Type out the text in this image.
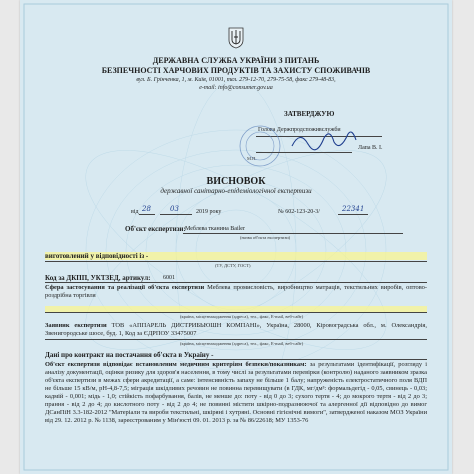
ДЕРЖАВНА СЛУЖБА УКРАЇНИ З ПИТАНЬ
БЕЗПЕЧНОСТІ ХАРЧОВИХ ПРОДУКТІВ ТА ЗАХИСТУ СПОЖИВАЧІВ
вул. Б. Грінченка, 1, м. Київ, 01001, тел. 279-12-70, 279-75-58, факс 279-48-83,
e-mail: info@consumer.gov.ua
ЗАТВЕРДЖУЮ
Голова Держпродспоживслужби
М.П.
Лапа В. І.
ВИСНОВОК
державної санітарно-епідеміологічної експертизи
від 28	03	2019 року	№ 602-123-20-3/	22341
Об'єкт експертизи: Меблева тканина Bailer
(назва об'єкта експертизи)
виготовлений у відповідності із -
(ТУ, ДСТУ, ГОСТ)
Код за ДКПП, УКТЗЕД, артикул: 6001
Сфера застосування та реалізації об'єкта експертизи Меблева промисловість, виробництво матраців, текстильних виробів, оптово-роздрібна торгівля
(країна, місцезнаходження (адреса), тел., факс, E-mail, веб-сайт)
Заявник експертизи ТОВ «АППАРЕЛЬ ДИСТРИБЬЮШН КОМПАНІ», Україна, 28000, Кіровоградська обл., м. Олександрія, Звенигородське шосе, буд. 1, Код за ЄДРПОУ 33475007
(країна, місцезнаходження (адреса), тел., факс, E-mail, веб-сайт)
Дані про контракт на постачання об'єкта в Україну -
Об'єкт експертизи відповідає встановленим медичним критеріям безпеки/показникам: за результатами ідентифікації, розгляду і аналізу документації, оцінки ризику для здоров'я населення, в тому числі за результатами перевірки (контролю) наданого заявником зразка об'єкта експертизи в межах сфери акредитації, а саме: інтенсивність запаху не більше 1 балу; напруженість електростатичного поля ВДП не більше 15 кВ/м, рН-4,8-7,5; міграція шкідливих речовин не повинна перевищувати (в ГДК, мг/дм³: формальдегід - 0,05, свинець - 0,03; кадмій - 0,001; мідь - 1,0; стійкість пофарбування, балів, не менше до: поту - від 0 до 3; сухого тертя - 4; до мокрого тертя - від 2 до 3; прання - від 2 до 4; до кислотного поту - від 2 до 4; не повинні містити шкірно-подразнюючої та алергенної дії відповідно до вимог ДСанПіН 3.3-182-2012 "Матеріали та вироби текстильні, шкіряні і хутряні. Основні гігієнічні вимоги", затвердженої наказом МОЗ України від 29. 12. 2012 р. № 1138, зареєстрованим у Мін'юсті 09. 01. 2013 р. за № 86/22618; МУ 1353-76
